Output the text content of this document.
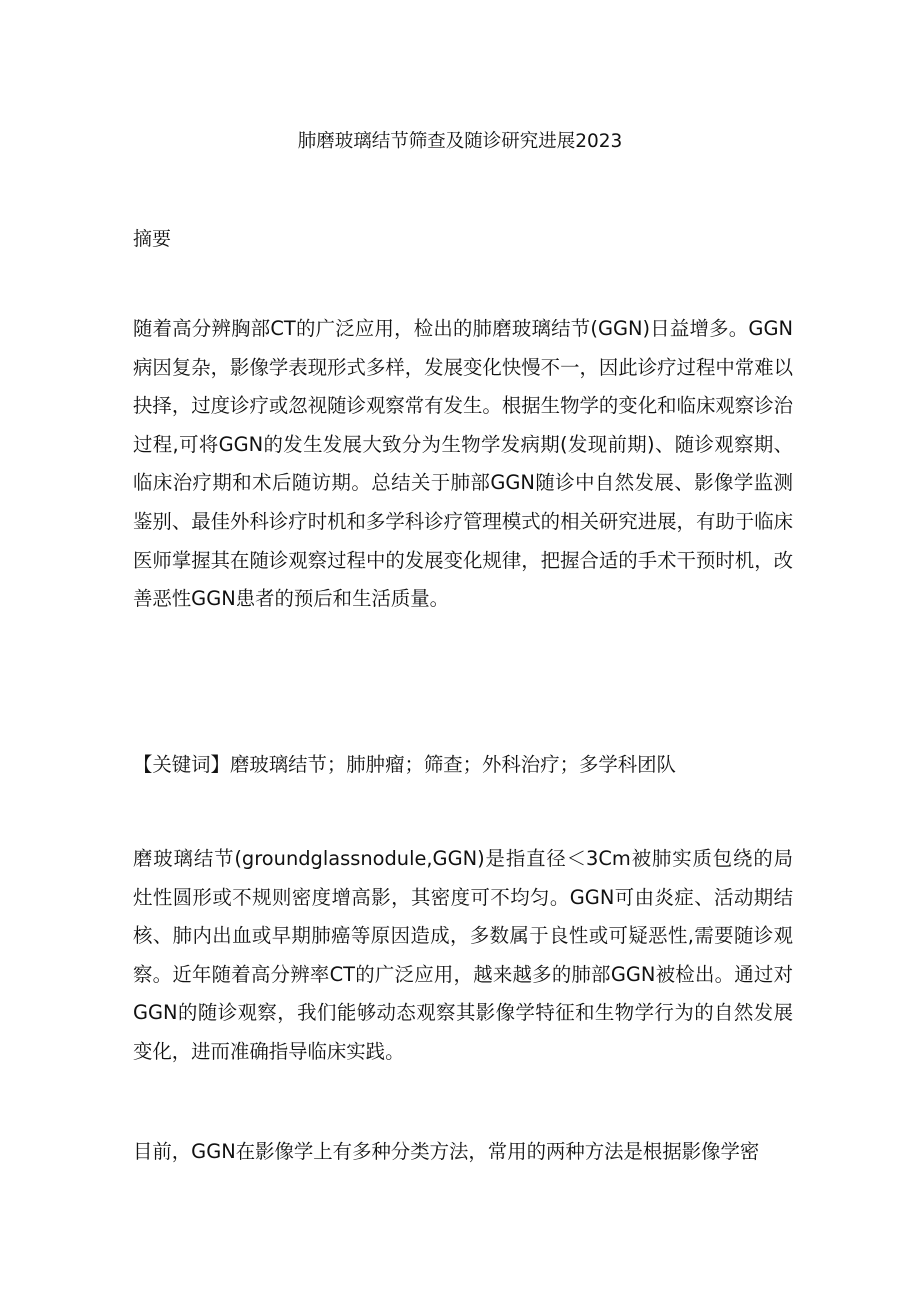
肺磨玻璃结节筛查及随诊研究进展2023

摘要

随着高分辨胸部CT的广泛应用，检出的肺磨玻璃结节(GGN)日益增多。GGN病因复杂，影像学表现形式多样，发展变化快慢不一，因此诊疗过程中常难以抉择，过度诊疗或忽视随诊观察常有发生。根据生物学的变化和临床观察诊治过程,可将GGN的发生发展大致分为生物学发病期(发现前期)、随诊观察期、临床治疗期和术后随访期。总结关于肺部GGN随诊中自然发展、影像学监测鉴别、最佳外科诊疗时机和多学科诊疗管理模式的相关研究进展，有助于临床医师掌握其在随诊观察过程中的发展变化规律，把握合适的手术干预时机，改善恶性GGN患者的预后和生活质量。

【关键词】磨玻璃结节；肺肿瘤；筛查；外科治疗；多学科团队

磨玻璃结节(groundglassnodule,GGN)是指直径＜3Cm被肺实质包绕的局灶性圆形或不规则密度增高影，其密度可不均匀。GGN可由炎症、活动期结核、肺内出血或早期肺癌等原因造成，多数属于良性或可疑恶性,需要随诊观察。近年随着高分辨率CT的广泛应用，越来越多的肺部GGN被检出。通过对GGN的随诊观察，我们能够动态观察其影像学特征和生物学行为的自然发展变化，进而准确指导临床实践。

目前，GGN在影像学上有多种分类方法，常用的两种方法是根据影像学密
